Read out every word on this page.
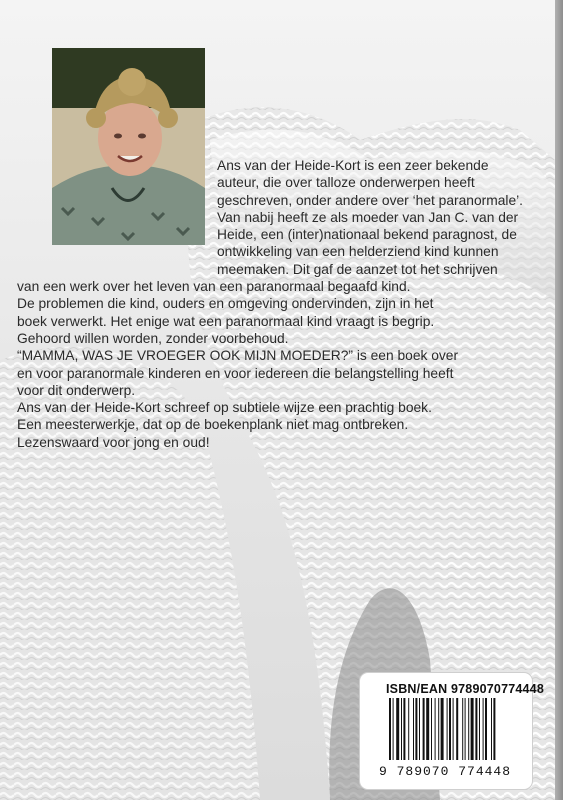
Ans van der Heide-Kort is een zeer bekende
auteur, die over talloze onderwerpen heeft
geschreven, onder andere over ‘het paranormale’.
Van nabij heeft ze als moeder van Jan C. van der
Heide, een (inter)nationaal bekend paragnost, de
ontwikkeling van een helderziend kind kunnen
meemaken. Dit gaf de aanzet tot het schrijven
van een werk over het leven van een paranormaal begaafd kind.
De problemen die kind, ouders en omgeving ondervinden, zijn in het
boek verwerkt. Het enige wat een paranormaal kind vraagt is begrip.
Gehoord willen worden, zonder voorbehoud.
“MAMMA, WAS JE VROEGER OOK MIJN MOEDER?” is een boek over
en voor paranormale kinderen en voor iedereen die belangstelling heeft
voor dit onderwerp.
Ans van der Heide-Kort schreef op subtiele wijze een prachtig boek.
Een meesterwerkje, dat op de boekenplank niet mag ontbreken.
Lezenswaard voor jong en oud!
ISBN/EAN 9789070774448
9 789070 774448
